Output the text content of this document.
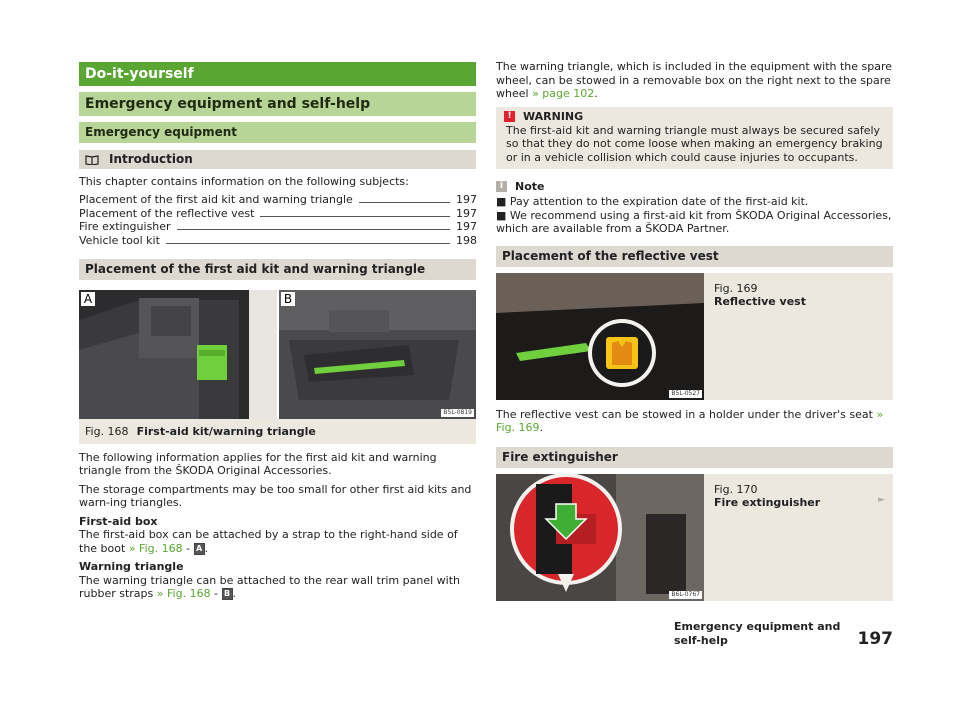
Do-it-yourself
Emergency equipment and self-help
Emergency equipment
Introduction

This chapter contains information on the following subjects:

Placement of the first aid kit and warning triangle	197
Placement of the reflective vest	197
Fire extinguisher	197
Vehicle tool kit	198
Placement of the first aid kit and warning triangle
A	B
B5L-0819
Fig. 168 First-aid kit/warning triangle

The following information applies for the first aid kit and warning triangle from the ŠKODA Original Accessories.

The storage compartments may be too small for other first aid kits and warn-ing triangles.

First-aid box

The first-aid box can be attached by a strap to the right-hand side of the boot » Fig. 168 - A .

Warning triangle

The warning triangle can be attached to the rear wall trim panel with rubber straps » Fig. 168 - B .

The warning triangle, which is included in the equipment with the spare wheel, can be stowed in a removable box on the right next to the spare wheel » page 102.

!	WARNING

The first-aid kit and warning triangle must always be secured safely so that they do not come loose when making an emergency braking or in a vehicle collision which could cause injuries to occupants.

i	Note

■ Pay attention to the expiration date of the first-aid kit.

■ We recommend using a first-aid kit from ŠKODA Original Accessories, which are available from a ŠKODA Partner.

Placement of the reflective vest
B5L-0527
Fig. 169
Reflective vest

The reflective vest can be stowed in a holder under the driver's seat » Fig. 169.

Fire extinguisher
B6L-0767
Fig. 170
Fire extinguisher	►
Emergency equipment and self-help	197
